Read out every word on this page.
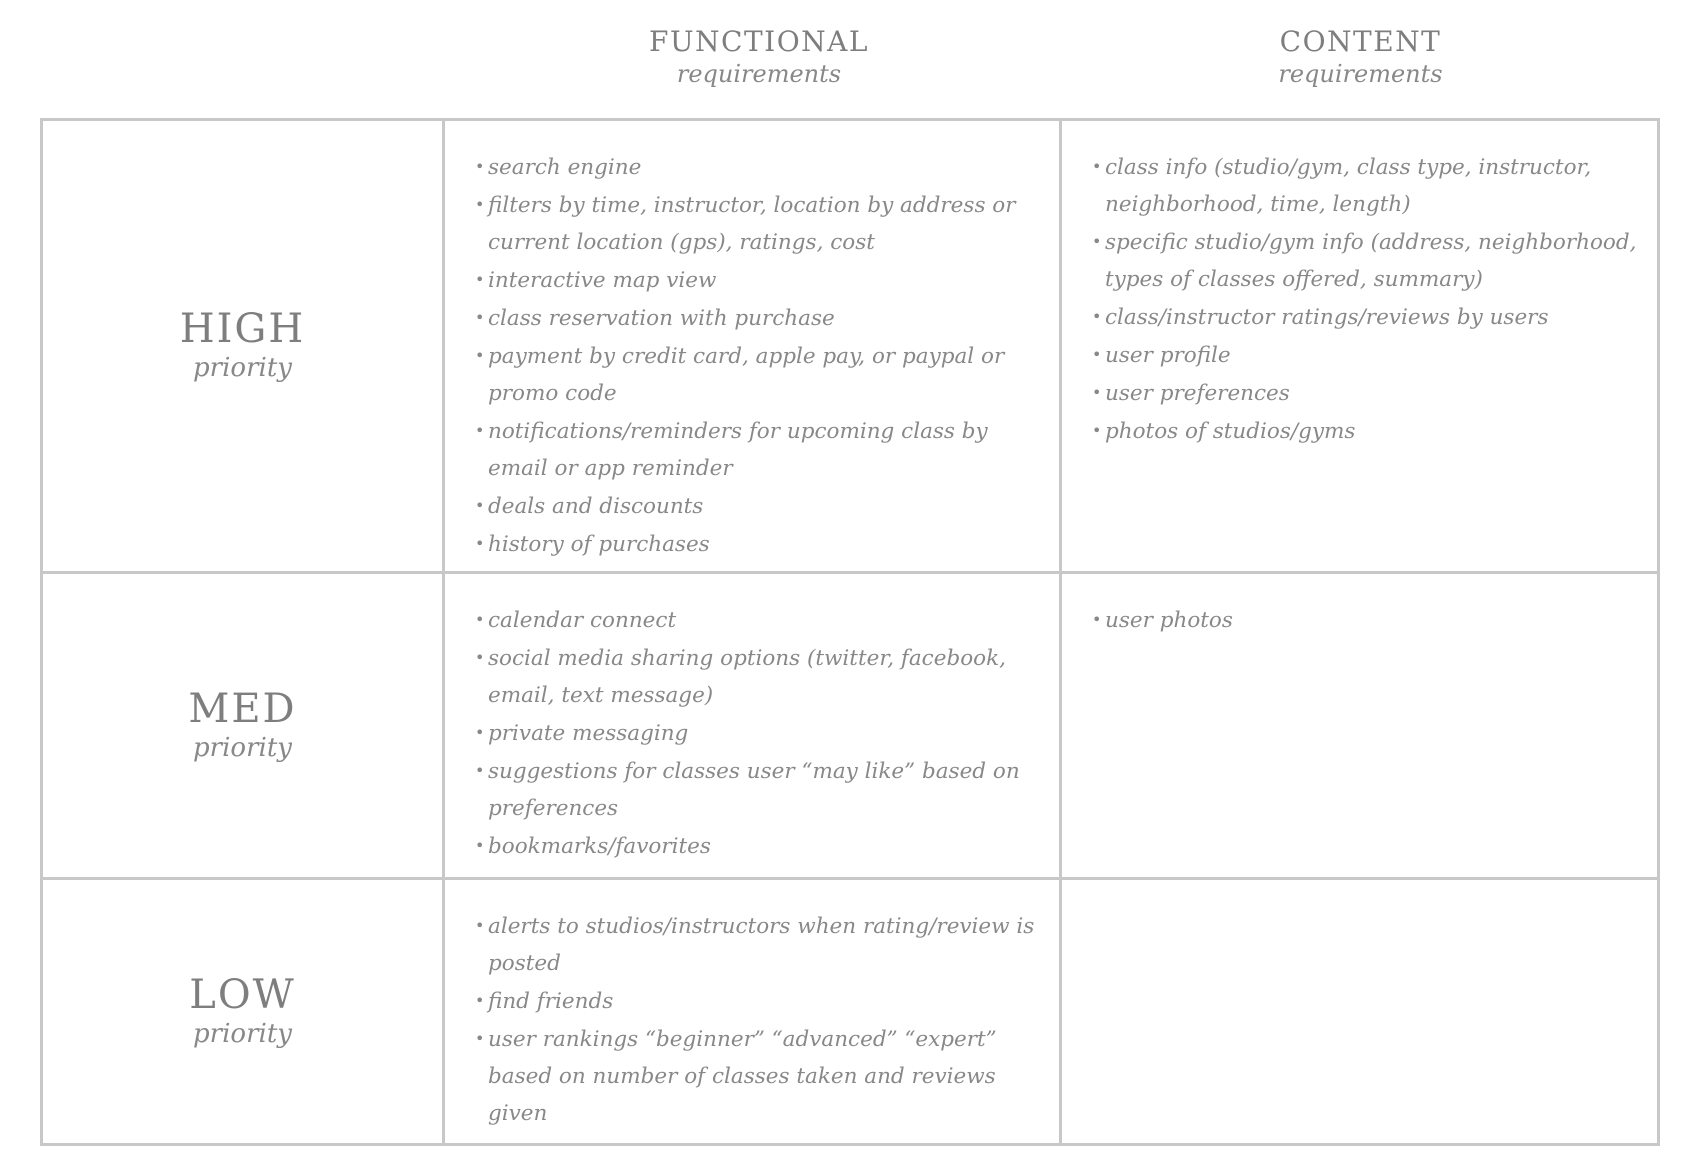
FUNCTIONAL
requirements
CONTENT
requirements
HIGH
priority
• search engine
• filters by time, instructor, location by address or current location (gps), ratings, cost
• interactive map view
• class reservation with purchase
• payment by credit card, apple pay, or paypal or promo code
• notifications/reminders for upcoming class by email or app reminder
• deals and discounts
• history of purchases
• class info (studio/gym, class type, instructor, neighborhood, time, length)
• specific studio/gym info (address, neighborhood, types of classes offered, summary)
• class/instructor ratings/reviews by users
• user profile
• user preferences
• photos of studios/gyms
MED
priority
• calendar connect
• social media sharing options (twitter, facebook, email, text message)
• private messaging
• suggestions for classes user “may like” based on preferences
• bookmarks/favorites
• user photos
LOW
priority
• alerts to studios/instructors when rating/review is posted
• find friends
• user rankings “beginner” “advanced” “expert” based on number of classes taken and reviews given
